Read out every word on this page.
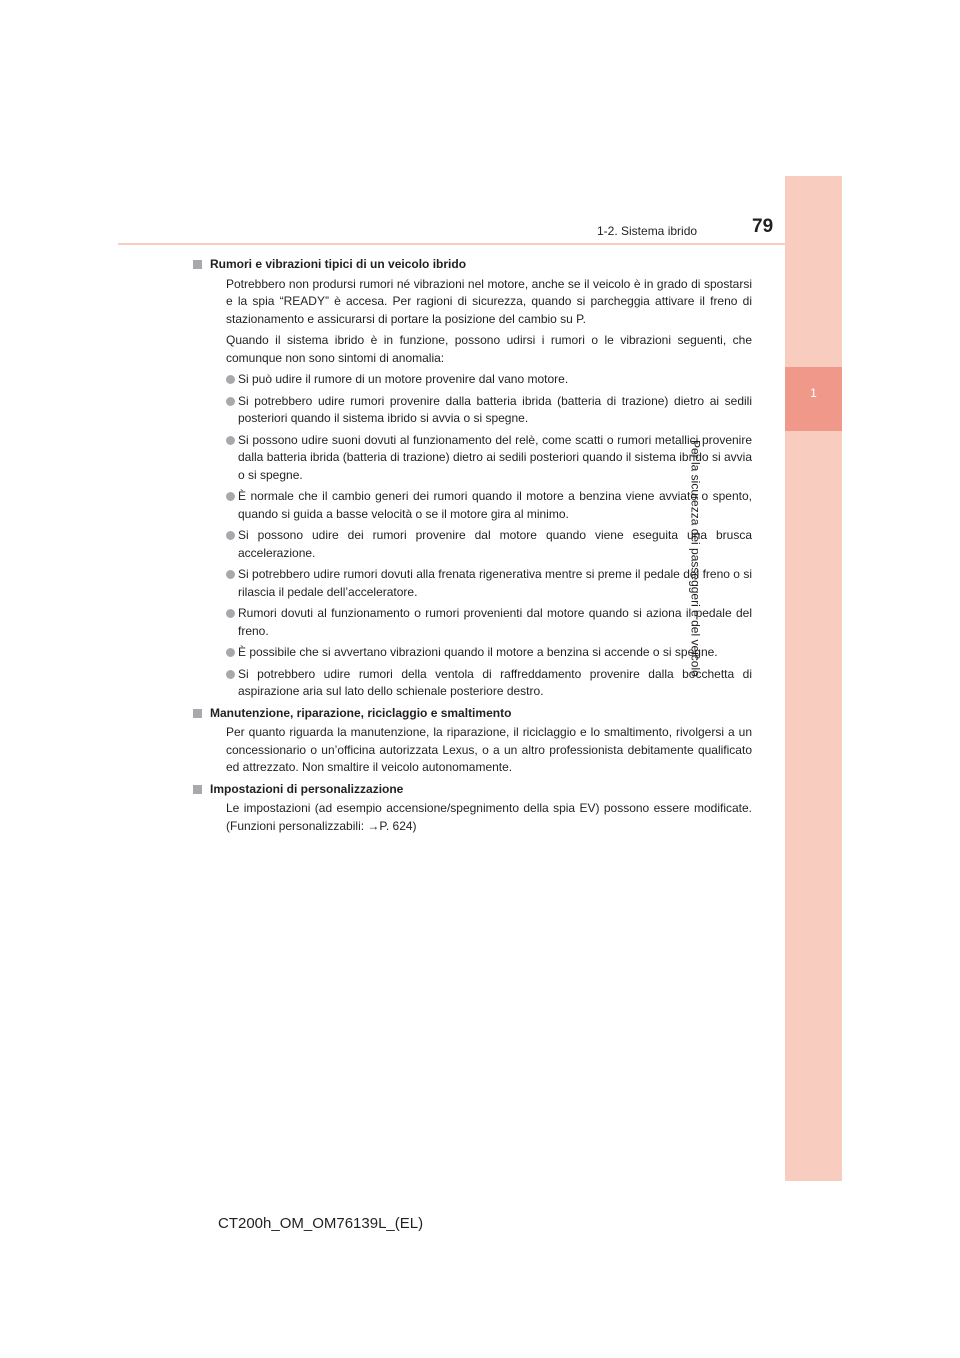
1
Per la sicurezza dei passeggeri e del veicolo
1-2. Sistema ibrido	79
Rumori e vibrazioni tipici di un veicolo ibrido

Potrebbero non prodursi rumori né vibrazioni nel motore, anche se il veicolo è in grado di spostarsi e la spia “READY” è accesa. Per ragioni di sicurezza, quando si parcheggia attivare il freno di stazionamento e assicurarsi di portare la posizione del cambio su P.

Quando il sistema ibrido è in funzione, possono udirsi i rumori o le vibrazioni seguenti, che comunque non sono sintomi di anomalia:

Si può udire il rumore di un motore provenire dal vano motore.
Si potrebbero udire rumori provenire dalla batteria ibrida (batteria di trazione) dietro ai sedili posteriori quando il sistema ibrido si avvia o si spegne.
Si possono udire suoni dovuti al funzionamento del relè, come scatti o rumori metallici provenire dalla batteria ibrida (batteria di trazione) dietro ai sedili posteriori quando il sistema ibrido si avvia o si spegne.
È normale che il cambio generi dei rumori quando il motore a benzina viene avviato o spento, quando si guida a basse velocità o se il motore gira al minimo.
Si possono udire dei rumori provenire dal motore quando viene eseguita una brusca accelerazione.
Si potrebbero udire rumori dovuti alla frenata rigenerativa mentre si preme il pedale del freno o si rilascia il pedale dell’acceleratore.
Rumori dovuti al funzionamento o rumori provenienti dal motore quando si aziona il pedale del freno.
È possibile che si avvertano vibrazioni quando il motore a benzina si accende o si spegne.
Si potrebbero udire rumori della ventola di raffreddamento provenire dalla bocchetta di aspirazione aria sul lato dello schienale posteriore destro.
Manutenzione, riparazione, riciclaggio e smaltimento

Per quanto riguarda la manutenzione, la riparazione, il riciclaggio e lo smaltimento, rivolgersi a un concessionario o un’officina autorizzata Lexus, o a un altro professionista debitamente qualificato ed attrezzato. Non smaltire il veicolo autonomamente.

Impostazioni di personalizzazione

Le impostazioni (ad esempio accensione/spegnimento della spia EV) possono essere modificate. (Funzioni personalizzabili: →P. 624)

CT200h_OM_OM76139L_(EL)
